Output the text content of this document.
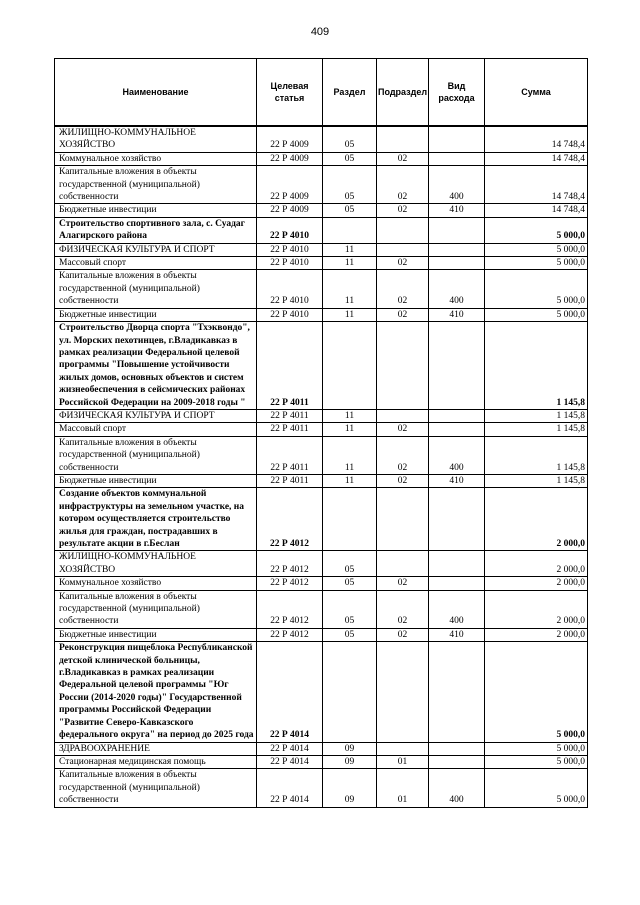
409
Наименование	Целевая статья	Раздел	Подраздел	Вид расхода	Сумма
ЖИЛИЩНО-КОММУНАЛЬНОЕ ХОЗЯЙСТВО	22 Р 4009	05			14 748,4
Коммунальное хозяйство	22 Р 4009	05	02		14 748,4
Капитальные вложения в объекты государственной (муниципальной) собственности	22 Р 4009	05	02	400	14 748,4
Бюджетные инвестиции	22 Р 4009	05	02	410	14 748,4
Строительство спортивного зала, с. Суадаг Алагирского района	22 Р 4010				5 000,0
ФИЗИЧЕСКАЯ КУЛЬТУРА И СПОРТ	22 Р 4010	11			5 000,0
Массовый спорт	22 Р 4010	11	02		5 000,0
Капитальные вложения в объекты государственной (муниципальной) собственности	22 Р 4010	11	02	400	5 000,0
Бюджетные инвестиции	22 Р 4010	11	02	410	5 000,0
Строительство Дворца спорта "Тхэквондо", ул. Морских пехотинцев, г.Владикавказ в рамках реализации Федеральной целевой программы "Повышение устойчивости жилых домов, основных объектов и систем жизнеобеспечения в сейсмических районах Российской Федерации на 2009-2018 годы "	22 Р 4011				1 145,8
ФИЗИЧЕСКАЯ КУЛЬТУРА И СПОРТ	22 Р 4011	11			1 145,8
Массовый спорт	22 Р 4011	11	02		1 145,8
Капитальные вложения в объекты государственной (муниципальной) собственности	22 Р 4011	11	02	400	1 145,8
Бюджетные инвестиции	22 Р 4011	11	02	410	1 145,8
Создание объектов коммунальной инфраструктуры на земельном участке, на котором осуществляется строительство жилья для граждан, пострадавших в результате акции в г.Беслан	22 Р 4012				2 000,0
ЖИЛИЩНО-КОММУНАЛЬНОЕ ХОЗЯЙСТВО	22 Р 4012	05			2 000,0
Коммунальное хозяйство	22 Р 4012	05	02		2 000,0
Капитальные вложения в объекты государственной (муниципальной) собственности	22 Р 4012	05	02	400	2 000,0
Бюджетные инвестиции	22 Р 4012	05	02	410	2 000,0
Реконструкция пищеблока Республиканской детской клинической больницы, г.Владикавказ в рамках реализации Федеральной целевой программы "Юг России (2014-2020 годы)" Государственной программы Российской Федерации "Развитие Северо-Кавказского федерального округа" на период до 2025 года	22 Р 4014				5 000,0
ЗДРАВООХРАНЕНИЕ	22 Р 4014	09			5 000,0
Стационарная медицинская помощь	22 Р 4014	09	01		5 000,0
Капитальные вложения в объекты государственной (муниципальной) собственности	22 Р 4014	09	01	400	5 000,0
